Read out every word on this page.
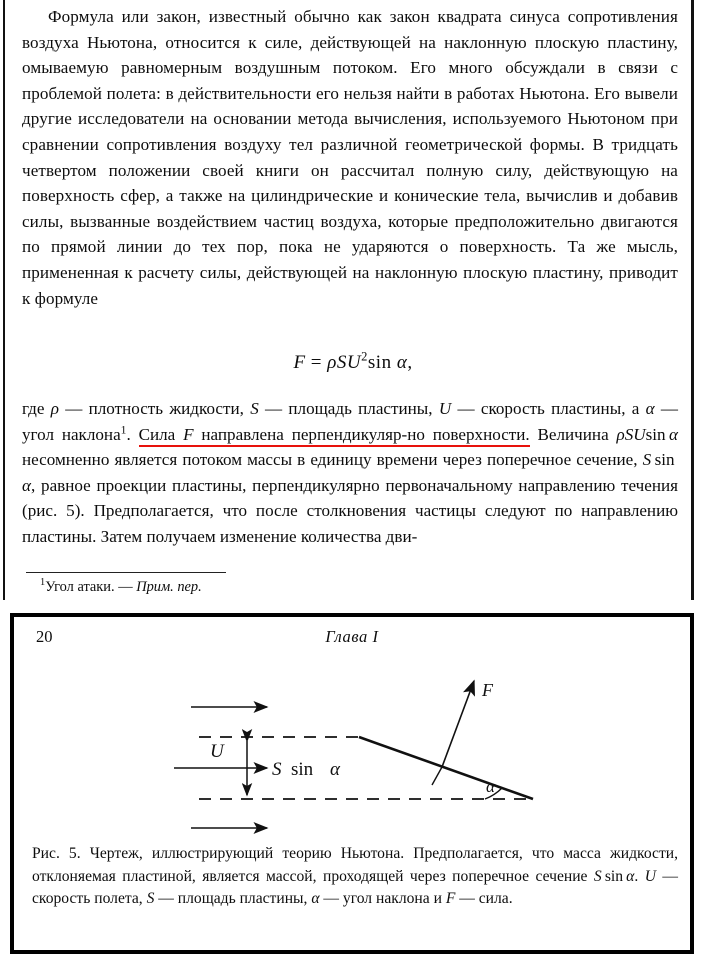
Формула или закон, известный обычно как закон квадрата синуса сопротивления воздуха Ньютона, относится к силе, действующей на наклонную плоскую пластину, омываемую равномерным воздушным потоком. Его много обсуждали в связи с проблемой полета: в действительности его нельзя найти в работах Ньютона. Его вывели другие исследователи на основании метода вычисления, используемого Ньютоном при сравнении сопротивления воздуху тел различной геометрической формы. В тридцать четвертом положении своей книги он рассчитал полную силу, действующую на поверхность сфер, а также на цилиндрические и конические тела, вычислив и добавив силы, вызванные воздействием частиц воздуха, которые предположительно двигаются по прямой линии до тех пор, пока не ударяются о поверхность. Та же мысль, примененная к расчету силы, действующей на наклонную плоскую пластину, приводит к формуле

F = ρSU$^2$sin α,

где ρ — плотность жидкости, S — площадь пластины, U — скорость пластины, а α — угол наклона$^1$. Сила F направлена перпендикуляр-но поверхности. Величина ρSUsin  α несомненно является потоком массы в единицу времени через поперечное сечение, S  sin α, равное проекции пластины, перпендикулярно первоначальному направлению течения (рис. 5). Предполагается, что после столкновения частицы следуют по направлению пластины. Затем получаем изменение количества дви-

$^1$Угол атаки. — Прим. пер.
20	Глава I
U
F
α
S sin α

Рис. 5. Чертеж, иллюстрирующий теорию Ньютона. Предполагается, что масса жидкости, отклоняемая пластиной, является массой, проходящей через поперечное сечение S  sin  α. U — скорость полета, S — площадь пластины, α — угол наклона и F — сила.
